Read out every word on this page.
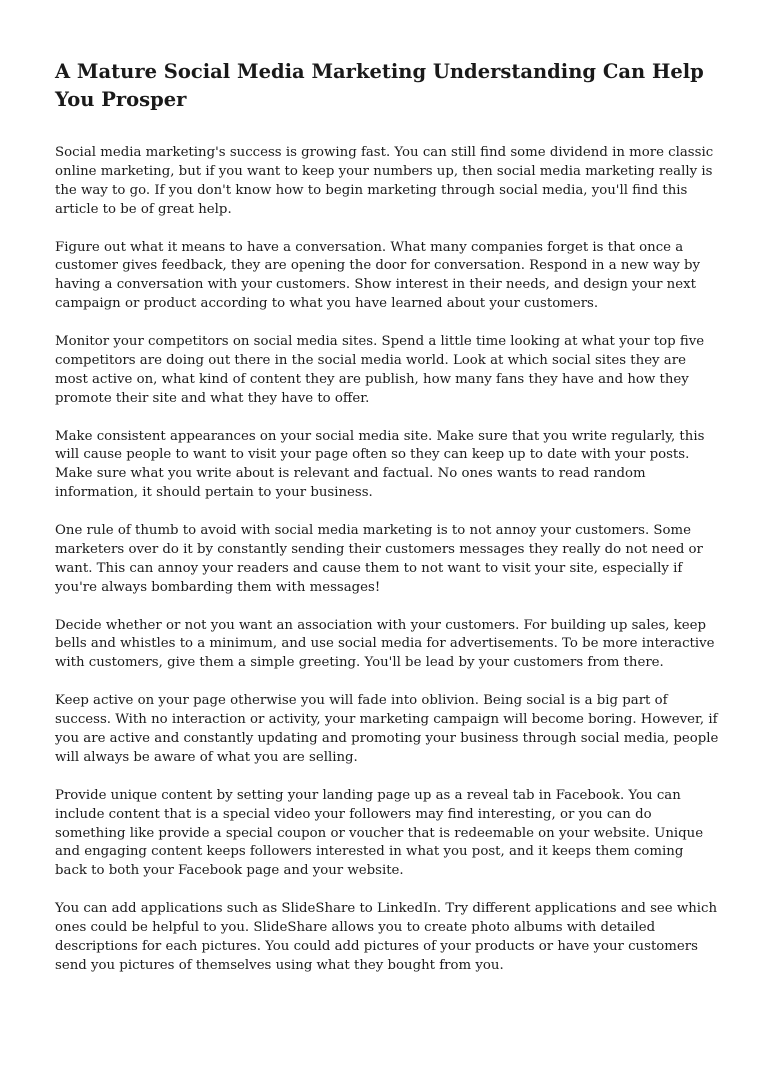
A Mature Social Media Marketing Understanding Can Help You Prosper

Social media marketing's success is growing fast. You can still find some dividend in more classic online marketing, but if you want to keep your numbers up, then social media marketing really is the way to go. If you don't know how to begin marketing through social media, you'll find this article to be of great help.

Figure out what it means to have a conversation. What many companies forget is that once a customer gives feedback, they are opening the door for conversation. Respond in a new way by having a conversation with your customers. Show interest in their needs, and design your next campaign or product according to what you have learned about your customers.

Monitor your competitors on social media sites. Spend a little time looking at what your top five competitors are doing out there in the social media world. Look at which social sites they are most active on, what kind of content they are publish, how many fans they have and how they promote their site and what they have to offer.

Make consistent appearances on your social media site. Make sure that you write regularly, this will cause people to want to visit your page often so they can keep up to date with your posts. Make sure what you write about is relevant and factual. No ones wants to read random information, it should pertain to your business.

One rule of thumb to avoid with social media marketing is to not annoy your customers. Some marketers over do it by constantly sending their customers messages they really do not need or want. This can annoy your readers and cause them to not want to visit your site, especially if you're always bombarding them with messages!

Decide whether or not you want an association with your customers. For building up sales, keep bells and whistles to a minimum, and use social media for advertisements. To be more interactive with customers, give them a simple greeting. You'll be lead by your customers from there.

Keep active on your page otherwise you will fade into oblivion. Being social is a big part of success. With no interaction or activity, your marketing campaign will become boring. However, if you are active and constantly updating and promoting your business through social media, people will always be aware of what you are selling.

Provide unique content by setting your landing page up as a reveal tab in Facebook. You can include content that is a special video your followers may find interesting, or you can do something like provide a special coupon or voucher that is redeemable on your website. Unique and engaging content keeps followers interested in what you post, and it keeps them coming back to both your Facebook page and your website.

You can add applications such as SlideShare to LinkedIn. Try different applications and see which ones could be helpful to you. SlideShare allows you to create photo albums with detailed descriptions for each pictures. You could add pictures of your products or have your customers send you pictures of themselves using what they bought from you.
